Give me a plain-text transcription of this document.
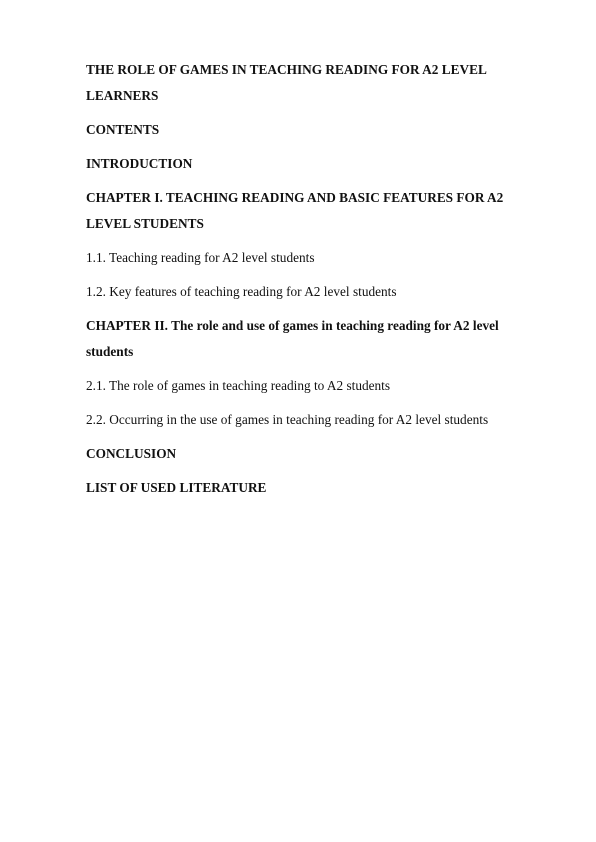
THE ROLE OF GAMES IN TEACHING READING FOR A2 LEVEL LEARNERS

CONTENTS

INTRODUCTION

CHAPTER I. TEACHING READING AND BASIC FEATURES FOR A2 LEVEL STUDENTS

1.1. Teaching reading for A2 level students

1.2. Key features of teaching reading for A2 level students

CHAPTER II. The role and use of games in teaching reading for A2 level students

2.1. The role of games in teaching reading to A2 students

2.2. Occurring in the use of games in teaching reading for A2 level students

CONCLUSION

LIST OF USED LITERATURE
